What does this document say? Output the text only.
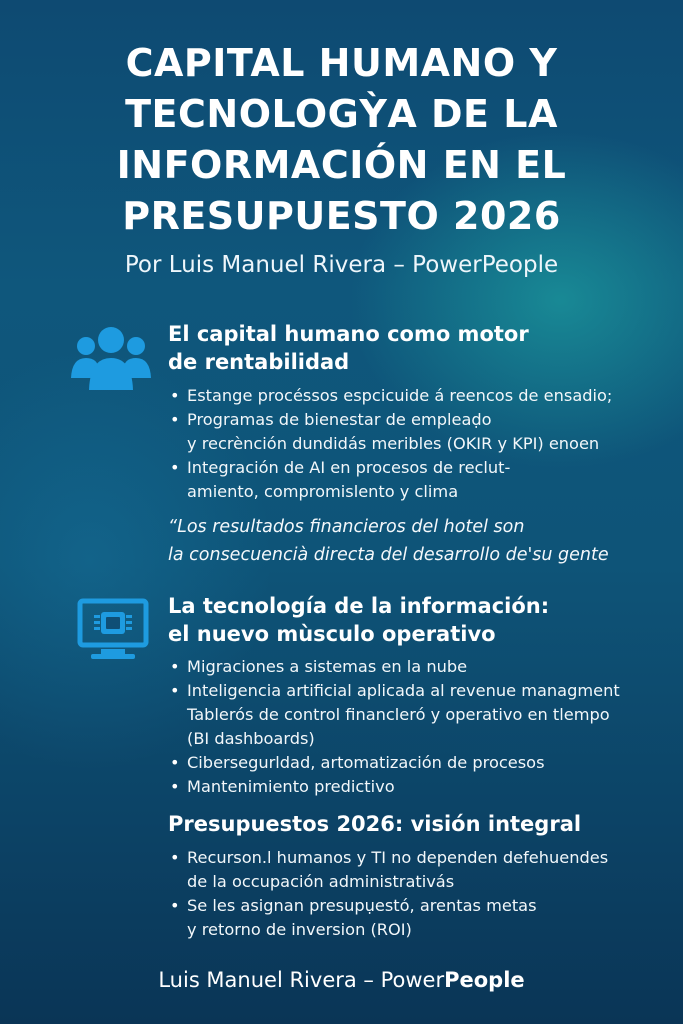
CAPITAL HUMANO Y
TECNOLOGỲA DE LA
INFORMACIÓN EN EL
PRESUPUESTO 2026
Por Luis Manuel Rivera – PowerPeople
El capital humano como motor
de rentabilidad
• Estange procéssos espcicuide á reencos de ensadio;
• Programas de bienestar de empleaḍo
y recrènción dundidás meribles (OKIR y KPI) enoen
• Integración de AI en procesos de reclut-
amiento, compromislento y clima
“Los resultados financieros del hotel son
la consecuencià directa del desarrollo de'su gente
La tecnología de la información:
el nuevo mùsculo operativo
• Migraciones a sistemas en la nube
• Inteligencia artificial aplicada al revenue managment
Tablerós de control financleró y operativo en tlempo
(BI dashboards)
• Cibersegurldad, artomatización de procesos
• Mantenimiento predictivo
Presupuestos 2026: visión integral
• Recurson.l humanos y TI no dependen defehuendes
de la occupación administrativás
• Se les asignan presupụestó, arentas metas
y retorno de inversion (ROI)
Luis Manuel Rivera – PowerPeople
